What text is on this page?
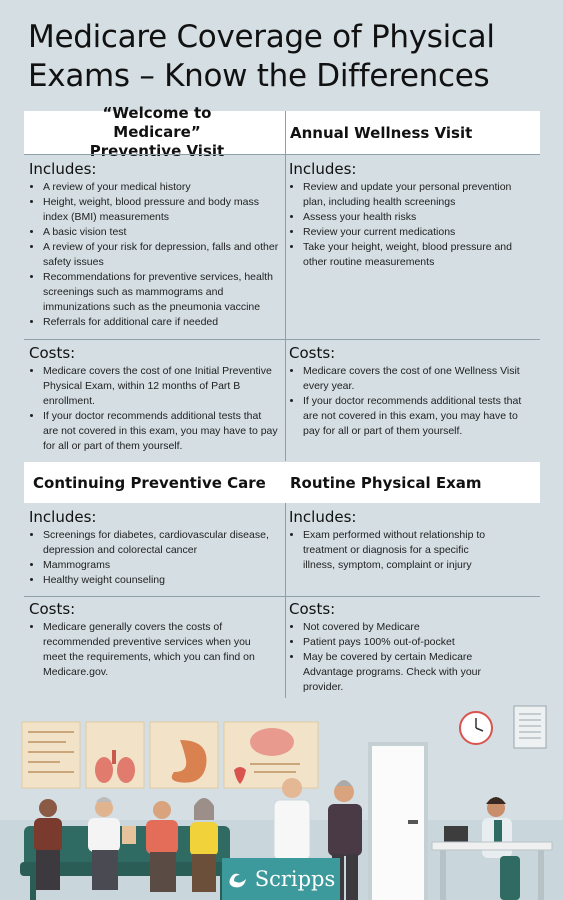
Medicare Coverage of Physical Exams – Know the Differences
“Welcome to Medicare” Preventive Visit
Annual Wellness Visit
Includes:
• A review of your medical history
• Height, weight, blood pressure and body mass index (BMI) measurements
• A basic vision test
• A review of your risk for depression, falls and other safety issues
• Recommendations for preventive services, health screenings such as mammograms and immunizations such as the pneumonia vaccine
• Referrals for additional care if needed
Includes:
• Review and update your personal prevention plan, including health screenings
• Assess your health risks
• Review your current medications
• Take your height, weight, blood pressure and other routine measurements
Costs:
• Medicare covers the cost of one Initial Preventive Physical Exam, within 12 months of Part B enrollment.
• If your doctor recommends additional tests that are not covered in this exam, you may have to pay for all or part of them yourself.
Costs:
• Medicare covers the cost of one Wellness Visit every year.
• If your doctor recommends additional tests that are not covered in this exam, you may have to pay for all or part of them yourself.
Continuing Preventive Care Routine Physical Exam
Includes:
• Screenings for diabetes, cardiovascular disease, depression and colorectal cancer
• Mammograms
• Healthy weight counseling
Includes:
• Exam performed without relationship to treatment or diagnosis for a specific illness, symptom, complaint or injury
Costs:
• Medicare generally covers the costs of recommended preventive services when you meet the requirements, which you can find on Medicare.gov.
Costs:
• Not covered by Medicare
• Patient pays 100% out-of-pocket
• May be covered by certain Medicare Advantage programs. Check with your provider.
Scripps
